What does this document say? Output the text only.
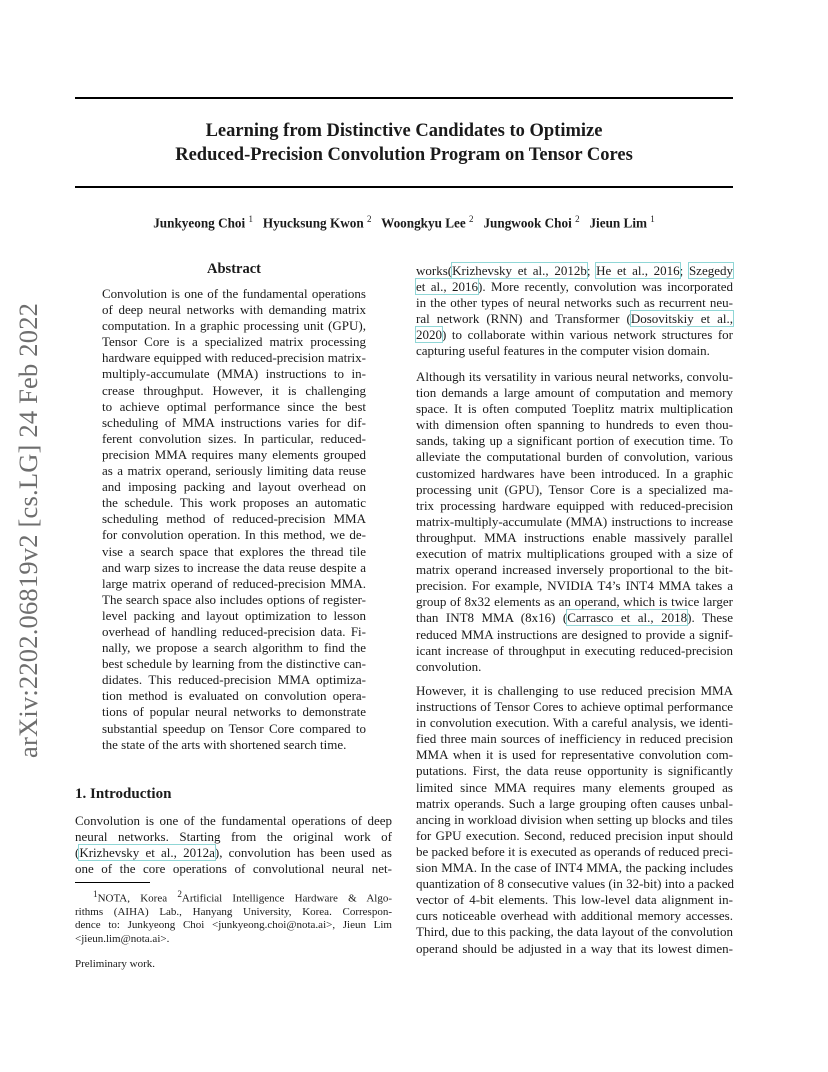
Learning from Distinctive Candidates to Optimize
Reduced-Precision Convolution Program on Tensor Cores
Junkyeong Choi $^1$ Hyucksung Kwon $^2$ Woongkyu Lee $^2$ Jungwook Choi $^2$ Jieun Lim $^1$
arXiv:2202.06819v2 [cs.LG] 24 Feb 2022
Abstract
Convolution is one of the fundamental operations
of deep neural networks with demanding matrix
computation. In a graphic processing unit (GPU),
Tensor Core is a specialized matrix processing
hardware equipped with reduced-precision matrix-
multiply-accumulate (MMA) instructions to in-
crease throughput. However, it is challenging
to achieve optimal performance since the best
scheduling of MMA instructions varies for dif-
ferent convolution sizes. In particular, reduced-
precision MMA requires many elements grouped
as a matrix operand, seriously limiting data reuse
and imposing packing and layout overhead on
the schedule. This work proposes an automatic
scheduling method of reduced-precision MMA
for convolution operation. In this method, we de-
vise a search space that explores the thread tile
and warp sizes to increase the data reuse despite a
large matrix operand of reduced-precision MMA.
The search space also includes options of register-
level packing and layout optimization to lesson
overhead of handling reduced-precision data. Fi-
nally, we propose a search algorithm to find the
best schedule by learning from the distinctive can-
didates. This reduced-precision MMA optimiza-
tion method is evaluated on convolution opera-
tions of popular neural networks to demonstrate
substantial speedup on Tensor Core compared to
the state of the arts with shortened search time.
1. Introduction
Convolution is one of the fundamental operations of deep
neural networks. Starting from the original work of
(Krizhevsky et al., 2012a), convolution has been used as
one of the core operations of convolutional neural net-
$^1$NOTA, Korea $^2$Artificial Intelligence Hardware & Algo-
rithms (AIHA) Lab., Hanyang University, Korea. Correspon-
dence to: Junkyeong Choi <junkyeong.choi@nota.ai>, Jieun Lim
<jieun.lim@nota.ai>.
Preliminary work.
works(Krizhevsky et al., 2012b; He et al., 2016; Szegedy
et al., 2016). More recently, convolution was incorporated
in the other types of neural networks such as recurrent neu-
ral network (RNN) and Transformer (Dosovitskiy et al.,
2020) to collaborate within various network structures for
capturing useful features in the computer vision domain.
Although its versatility in various neural networks, convolu-
tion demands a large amount of computation and memory
space. It is often computed Toeplitz matrix multiplication
with dimension often spanning to hundreds to even thou-
sands, taking up a significant portion of execution time. To
alleviate the computational burden of convolution, various
customized hardwares have been introduced. In a graphic
processing unit (GPU), Tensor Core is a specialized ma-
trix processing hardware equipped with reduced-precision
matrix-multiply-accumulate (MMA) instructions to increase
throughput. MMA instructions enable massively parallel
execution of matrix multiplications grouped with a size of
matrix operand increased inversely proportional to the bit-
precision. For example, NVIDIA T4’s INT4 MMA takes a
group of 8x32 elements as an operand, which is twice larger
than INT8 MMA (8x16) (Carrasco et al., 2018). These
reduced MMA instructions are designed to provide a signif-
icant increase of throughput in executing reduced-precision
convolution.
However, it is challenging to use reduced precision MMA
instructions of Tensor Cores to achieve optimal performance
in convolution execution. With a careful analysis, we identi-
fied three main sources of inefficiency in reduced precision
MMA when it is used for representative convolution com-
putations. First, the data reuse opportunity is significantly
limited since MMA requires many elements grouped as
matrix operands. Such a large grouping often causes unbal-
ancing in workload division when setting up blocks and tiles
for GPU execution. Second, reduced precision input should
be packed before it is executed as operands of reduced preci-
sion MMA. In the case of INT4 MMA, the packing includes
quantization of 8 consecutive values (in 32-bit) into a packed
vector of 4-bit elements. This low-level data alignment in-
curs noticeable overhead with additional memory accesses.
Third, due to this packing, the data layout of the convolution
operand should be adjusted in a way that its lowest dimen-
